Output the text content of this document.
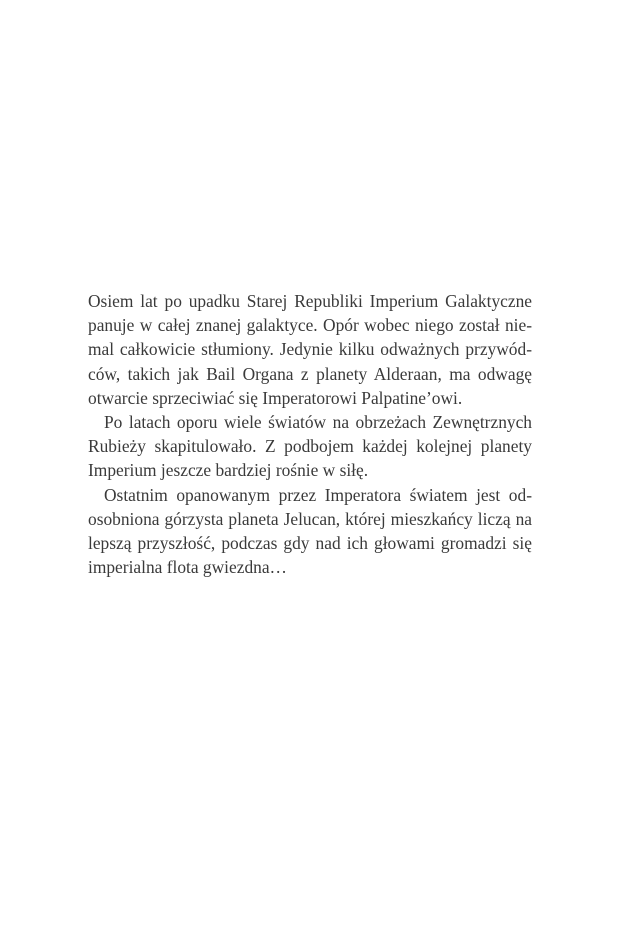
Osiem lat po upadku Starej Republiki Imperium Galaktyczne
panuje w całej znanej galaktyce. Opór wobec niego został nie-
mal całkowicie stłumiony. Jedynie kilku odważnych przywód-
ców, takich jak Bail Organa z planety Alderaan, ma odwagę
otwarcie sprzeciwiać się Imperatorowi Palpatine’owi.

Po latach oporu wiele światów na obrzeżach Zewnętrznych
Rubieży skapitulowało. Z podbojem każdej kolejnej planety
Imperium jeszcze bardziej rośnie w siłę.

Ostatnim opanowanym przez Imperatora światem jest od-
osobniona górzysta planeta Jelucan, której mieszkańcy liczą na
lepszą przyszłość, podczas gdy nad ich głowami gromadzi się
imperialna flota gwiezdna…
